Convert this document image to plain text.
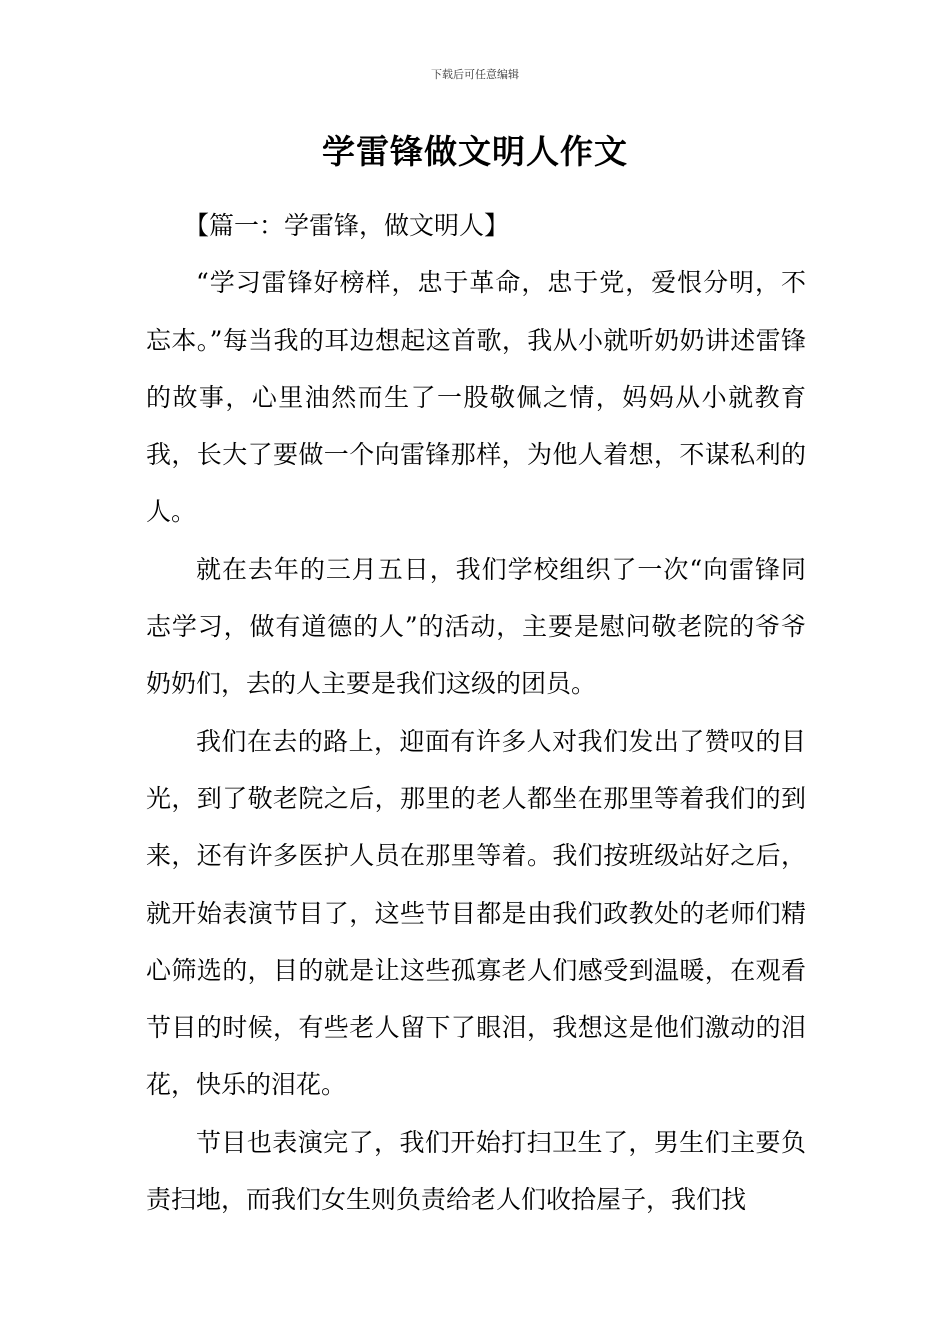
下载后可任意编辑
学雷锋做文明人作文

【篇一：学雷锋，做文明人】

“学习雷锋好榜样，忠于革命，忠于党，爱恨分明，不忘本。”每当我的耳边想起这首歌，我从小就听奶奶讲述雷锋的故事，心里油然而生了一股敬佩之情，妈妈从小就教育我，长大了要做一个向雷锋那样，为他人着想，不谋私利的人。

就在去年的三月五日，我们学校组织了一次“向雷锋同志学习，做有道德的人”的活动，主要是慰问敬老院的爷爷奶奶们，去的人主要是我们这级的团员。

我们在去的路上，迎面有许多人对我们发出了赞叹的目光，到了敬老院之后，那里的老人都坐在那里等着我们的到来，还有许多医护人员在那里等着。我们按班级站好之后，就开始表演节目了，这些节目都是由我们政教处的老师们精心筛选的，目的就是让这些孤寡老人们感受到温暖，在观看节目的时候，有些老人留下了眼泪，我想这是他们激动的泪花，快乐的泪花。

节目也表演完了，我们开始打扫卫生了，男生们主要负责扫地，而我们女生则负责给老人们收拾屋子，我们找
